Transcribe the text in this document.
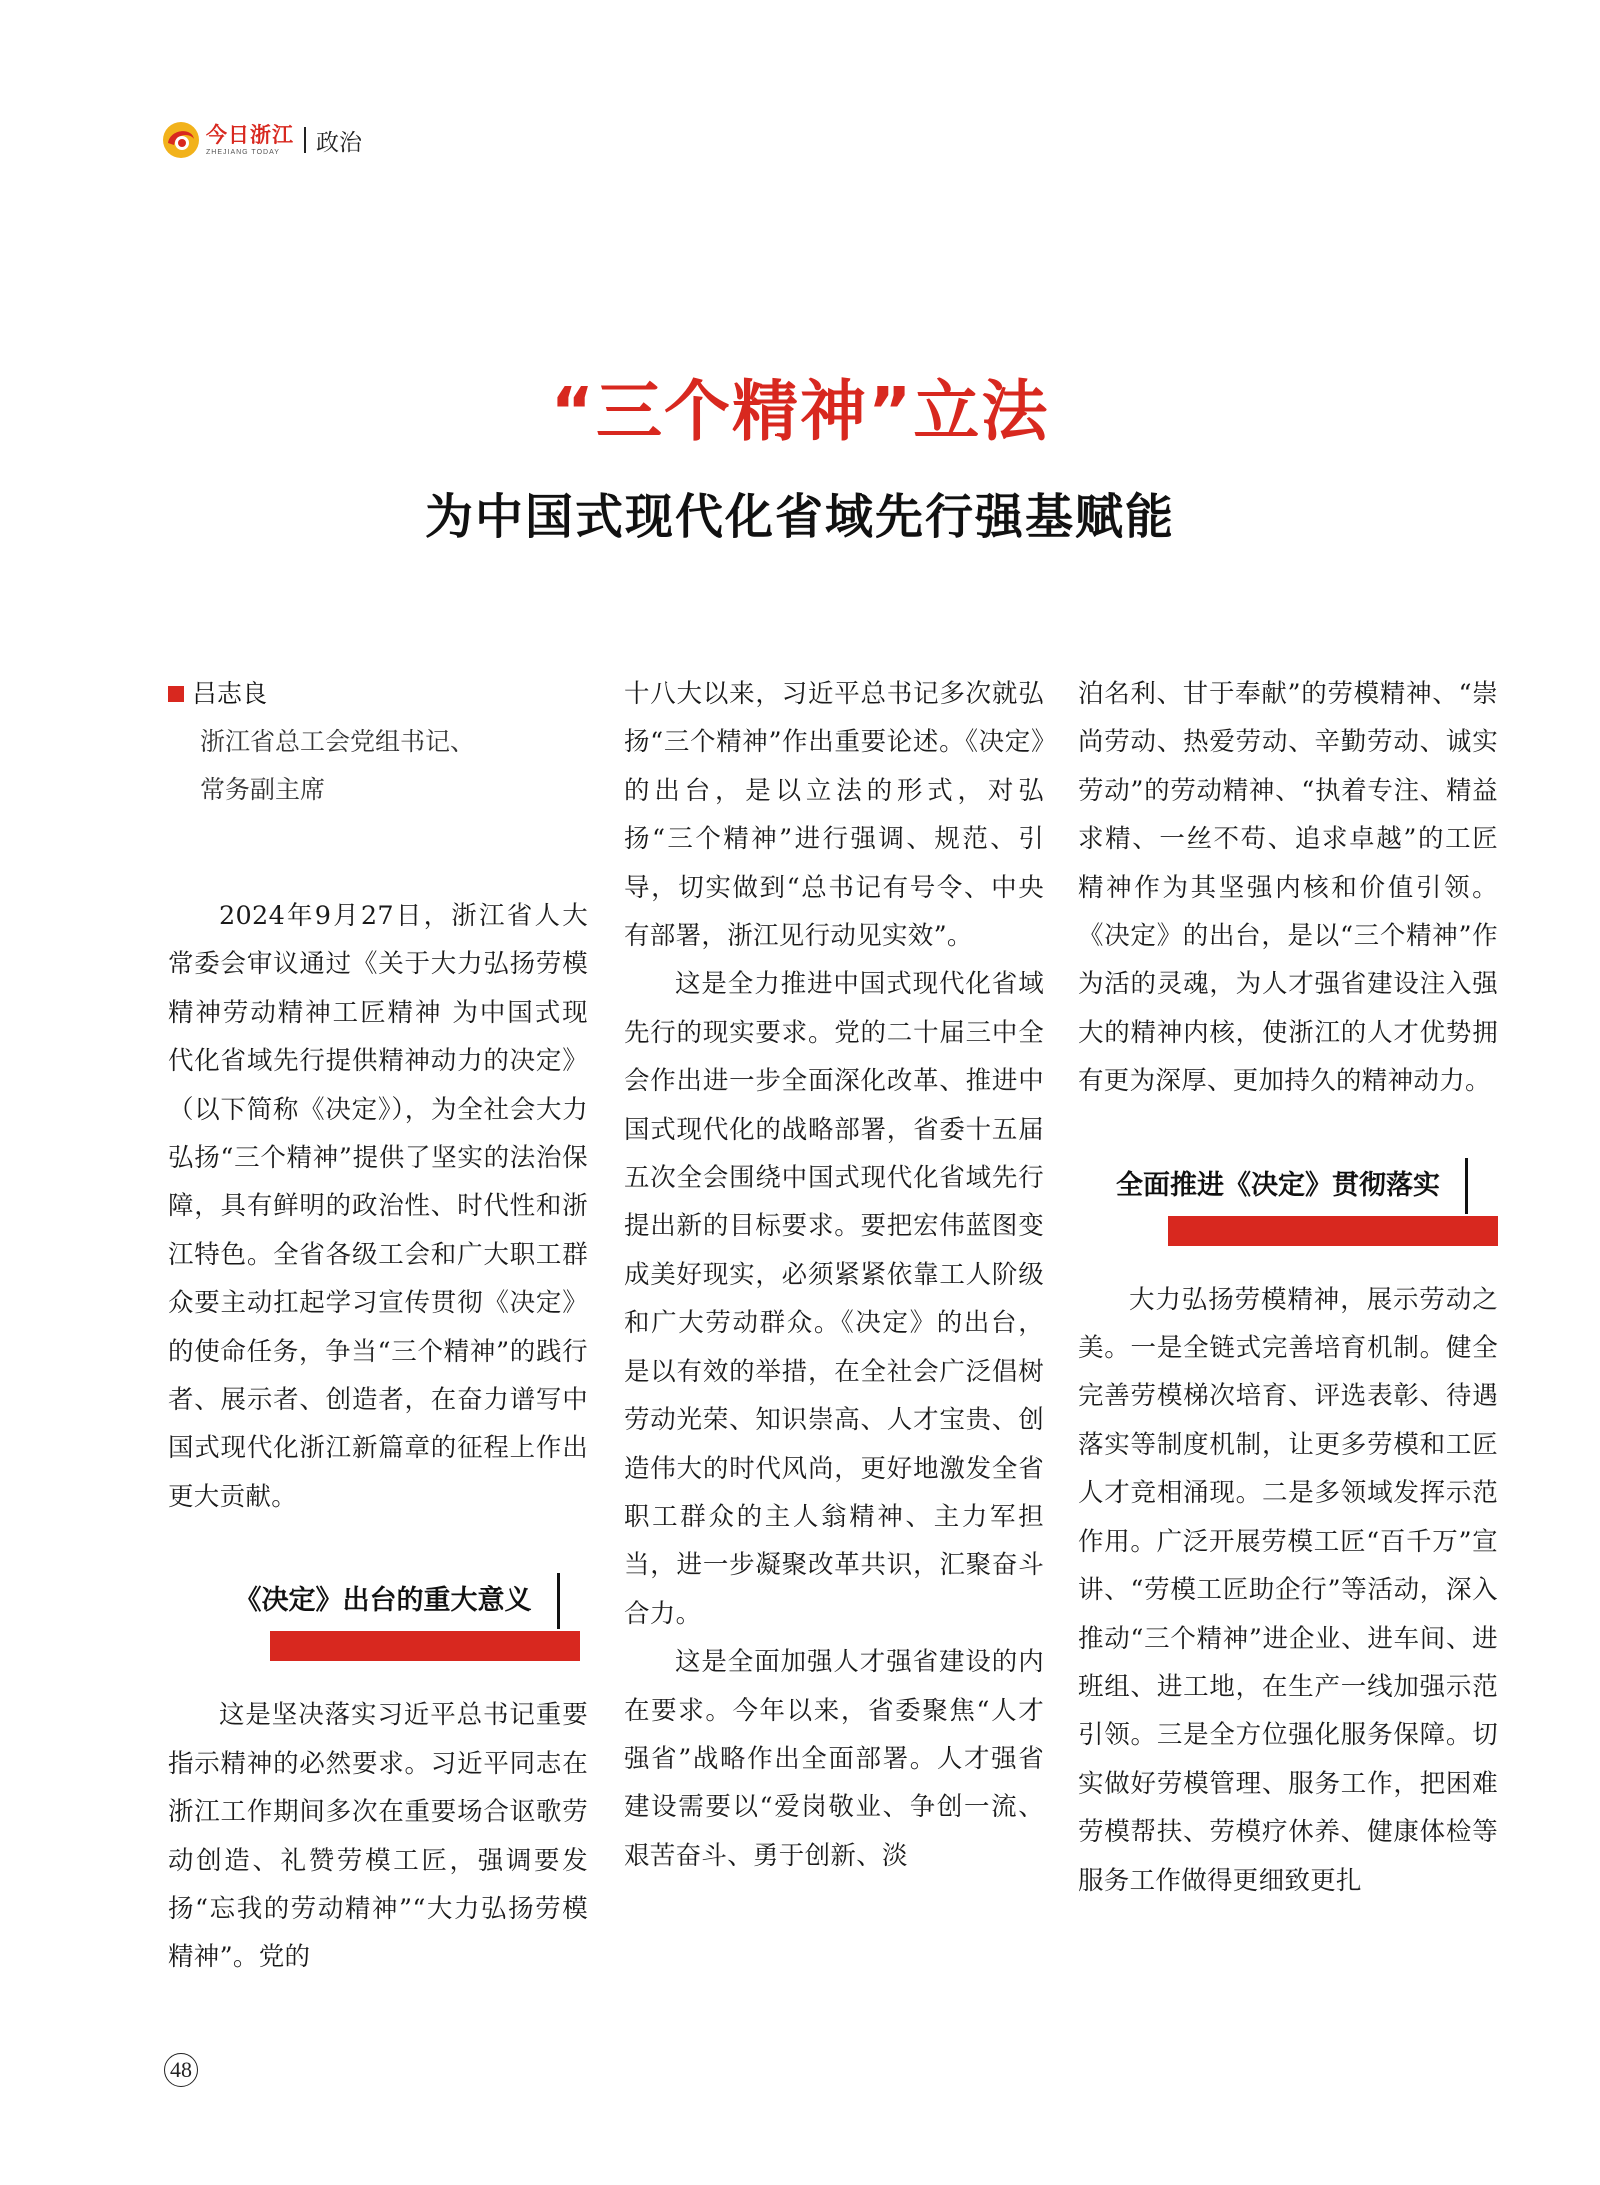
今日浙江
ZHEJIANG TODAY	政治
“三个精神”立法
为中国式现代化省域先行强基赋能
吕志良
浙江省总工会党组书记、
常务副主席

2024年9月27日，浙江省人大常委会审议通过《关于大力弘扬劳模精神劳动精神工匠精神 为中国式现代化省域先行提供精神动力的决定》（以下简称《决定》），为全社会大力弘扬“三个精神”提供了坚实的法治保障，具有鲜明的政治性、时代性和浙江特色。全省各级工会和广大职工群众要主动扛起学习宣传贯彻《决定》的使命任务，争当“三个精神”的践行者、展示者、创造者，在奋力谱写中国式现代化浙江新篇章的征程上作出更大贡献。

《决定》出台的重大意义

这是坚决落实习近平总书记重要指示精神的必然要求。习近平同志在浙江工作期间多次在重要场合讴歌劳动创造、礼赞劳模工匠，强调要发扬“忘我的劳动精神”“大力弘扬劳模精神”。党的

十八大以来，习近平总书记多次就弘扬“三个精神”作出重要论述。《决定》的出台，是以立法的形式，对弘扬“三个精神”进行强调、规范、引导，切实做到“总书记有号令、中央有部署，浙江见行动见实效”。

这是全力推进中国式现代化省域先行的现实要求。党的二十届三中全会作出进一步全面深化改革、推进中国式现代化的战略部署，省委十五届五次全会围绕中国式现代化省域先行提出新的目标要求。要把宏伟蓝图变成美好现实，必须紧紧依靠工人阶级和广大劳动群众。《决定》的出台，是以有效的举措，在全社会广泛倡树劳动光荣、知识崇高、人才宝贵、创造伟大的时代风尚，更好地激发全省职工群众的主人翁精神、主力军担当，进一步凝聚改革共识，汇聚奋斗合力。

这是全面加强人才强省建设的内在要求。今年以来，省委聚焦“人才强省”战略作出全面部署。人才强省建设需要以“爱岗敬业、争创一流、艰苦奋斗、勇于创新、淡

泊名利、甘于奉献”的劳模精神、“崇尚劳动、热爱劳动、辛勤劳动、诚实劳动”的劳动精神、“执着专注、精益求精、一丝不苟、追求卓越”的工匠精神作为其坚强内核和价值引领。《决定》的出台，是以“三个精神”作为活的灵魂，为人才强省建设注入强大的精神内核，使浙江的人才优势拥有更为深厚、更加持久的精神动力。

全面推进《决定》贯彻落实

大力弘扬劳模精神，展示劳动之美。一是全链式完善培育机制。健全完善劳模梯次培育、评选表彰、待遇落实等制度机制，让更多劳模和工匠人才竞相涌现。二是多领域发挥示范作用。广泛开展劳模工匠“百千万”宣讲、“劳模工匠助企行”等活动，深入推动“三个精神”进企业、进车间、进班组、进工地，在生产一线加强示范引领。三是全方位强化服务保障。切实做好劳模管理、服务工作，把困难劳模帮扶、劳模疗休养、健康体检等服务工作做得更细致更扎

48
